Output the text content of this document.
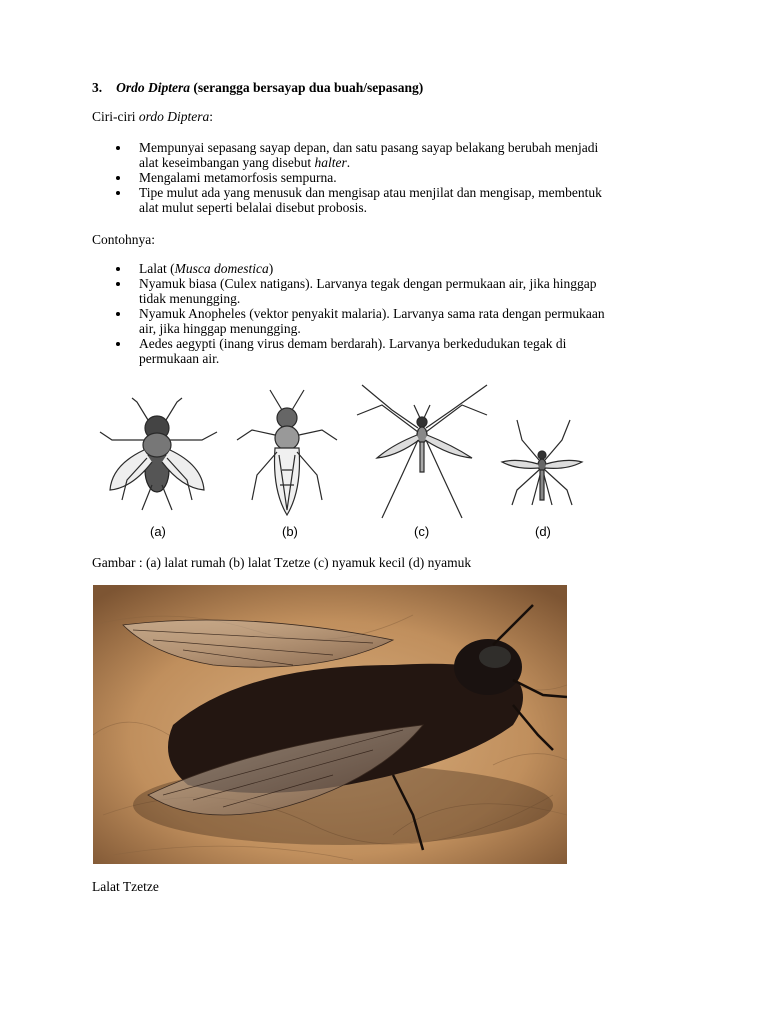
3. Ordo Diptera (serangga bersayap dua buah/sepasang)
Ciri-ciri ordo Diptera:
Mempunyai sepasang sayap depan, dan satu pasang sayap belakang berubah menjadi
alat keseimbangan yang disebut halter.
Mengalami metamorfosis sempurna.
Tipe mulut ada yang menusuk dan mengisap atau menjilat dan mengisap, membentuk
alat mulut seperti belalai disebut probosis.
Contohnya:
Lalat (Musca domestica)
Nyamuk biasa (Culex natigans). Larvanya tegak dengan permukaan air, jika hinggap
tidak menungging.
Nyamuk Anopheles (vektor penyakit malaria). Larvanya sama rata dengan permukaan
air, jika hinggap menungging.
Aedes aegypti (inang virus demam berdarah). Larvanya berkedudukan tegak di
permukaan air.
(a)	(b)	(c)	(d)
Gambar : (a) lalat rumah (b) lalat Tzetze (c) nyamuk kecil (d) nyamuk
Lalat Tzetze
